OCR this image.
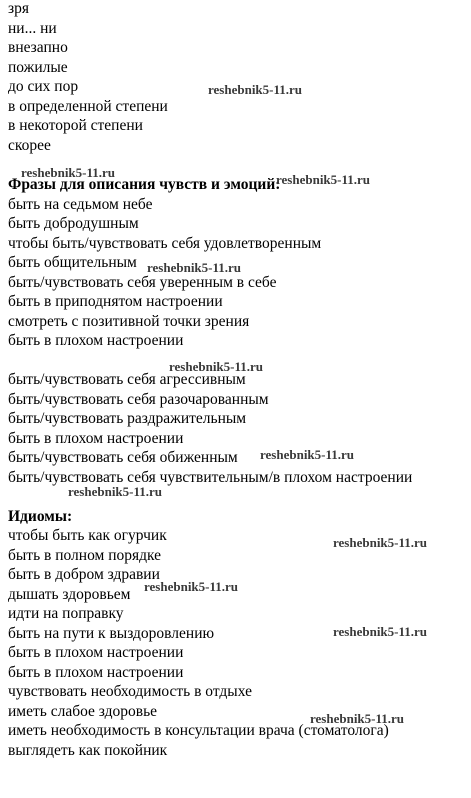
зря
ни... ни
внезапно
пожилые
до сих пор
в определенной степени
в некоторой степени
скорее
Фразы для описания чувств и эмоций:
быть на седьмом небе
быть добродушным
чтобы быть/чувствовать себя удовлетворенным
быть общительным
быть/чувствовать себя уверенным в себе
быть в приподнятом настроении
смотреть с позитивной точки зрения
быть в плохом настроении
быть/чувствовать себя агрессивным
быть/чувствовать себя разочарованным
быть/чувствовать раздражительным
быть в плохом настроении
быть/чувствовать себя обиженным
быть/чувствовать себя чувствительным/в плохом настроении
Идиомы:
чтобы быть как огурчик
быть в полном порядке
быть в добром здравии
дышать здоровьем
идти на поправку
быть на пути к выздоровлению
быть в плохом настроении
быть в плохом настроении
чувствовать необходимость в отдыхе
иметь слабое здоровье
иметь необходимость в консультации врача (стоматолога)
выглядеть как покойник
reshebnik5-11.ru
reshebnik5-11.ru	reshebnik5-11.ru
reshebnik5-11.ru
reshebnik5-11.ru
reshebnik5-11.ru
reshebnik5-11.ru
reshebnik5-11.ru
reshebnik5-11.ru
reshebnik5-11.ru
reshebnik5-11.ru
